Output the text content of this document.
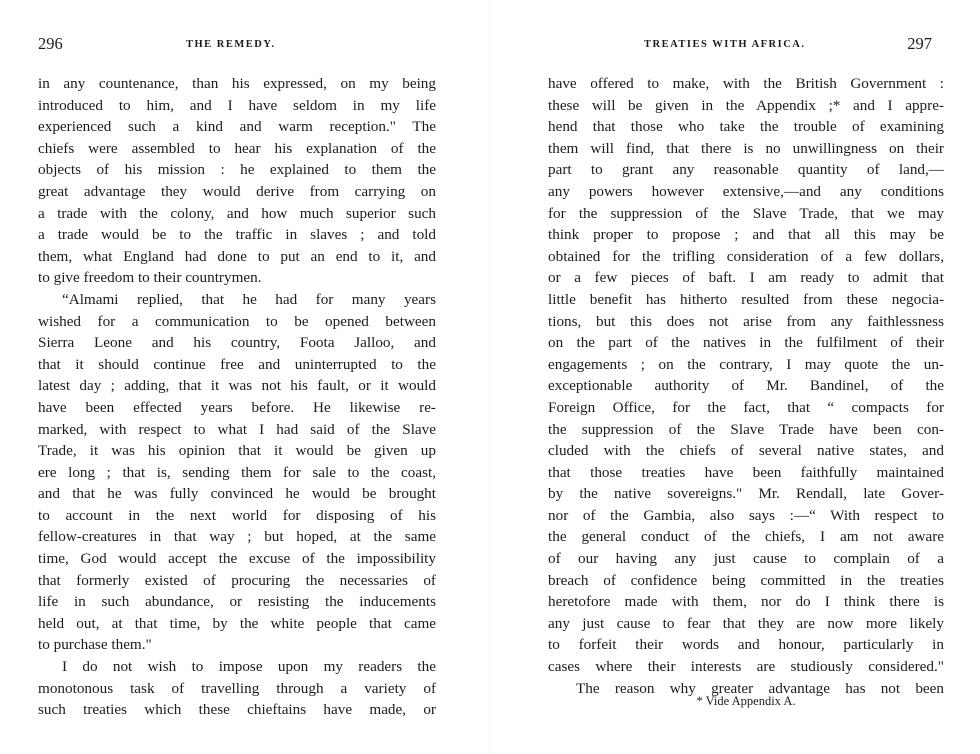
296	THE REMEDY.
in any countenance, than his expressed, on my being
introduced to him, and I have seldom in my life
experienced such a kind and warm reception." The
chiefs were assembled to hear his explanation of the
objects of his mission : he explained to them the
great advantage they would derive from carrying on
a trade with the colony, and how much superior such
a trade would be to the traffic in slaves ; and told
them, what England had done to put an end to it, and
to give freedom to their countrymen.
“Almami replied, that he had for many years
wished for a communication to be opened between
Sierra Leone and his country, Foota Jalloo, and
that it should continue free and uninterrupted to the
latest day ; adding, that it was not his fault, or it would
have been effected years before. He likewise re-
marked, with respect to what I had said of the Slave
Trade, it was his opinion that it would be given up
ere long ; that is, sending them for sale to the coast,
and that he was fully convinced he would be brought
to account in the next world for disposing of his
fellow-creatures in that way ; but hoped, at the same
time, God would accept the excuse of the impossibility
that formerly existed of procuring the necessaries of
life in such abundance, or resisting the inducements
held out, at that time, by the white people that came
to purchase them."
I do not wish to impose upon my readers the
monotonous task of travelling through a variety of
such treaties which these chieftains have made, or
TREATIES WITH AFRICA.	297
have offered to make, with the British Government :
these will be given in the Appendix ;* and I appre-
hend that those who take the trouble of examining
them will find, that there is no unwillingness on their
part to grant any reasonable quantity of land,—
any powers however extensive,—and any conditions
for the suppression of the Slave Trade, that we may
think proper to propose ; and that all this may be
obtained for the trifling consideration of a few dollars,
or a few pieces of baft. I am ready to admit that
little benefit has hitherto resulted from these negocia-
tions, but this does not arise from any faithlessness
on the part of the natives in the fulfilment of their
engagements ; on the contrary, I may quote the un-
exceptionable authority of Mr. Bandinel, of the
Foreign Office, for the fact, that “ compacts for
the suppression of the Slave Trade have been con-
cluded with the chiefs of several native states, and
that those treaties have been faithfully maintained
by the native sovereigns." Mr. Rendall, late Gover-
nor of the Gambia, also says :—“ With respect to
the general conduct of the chiefs, I am not aware
of our having any just cause to complain of a
breach of confidence being committed in the treaties
heretofore made with them, nor do I think there is
any just cause to fear that they are now more likely
to forfeit their words and honour, particularly in
cases where their interests are studiously considered."
The reason why greater advantage has not been
* Vide Appendix A.
